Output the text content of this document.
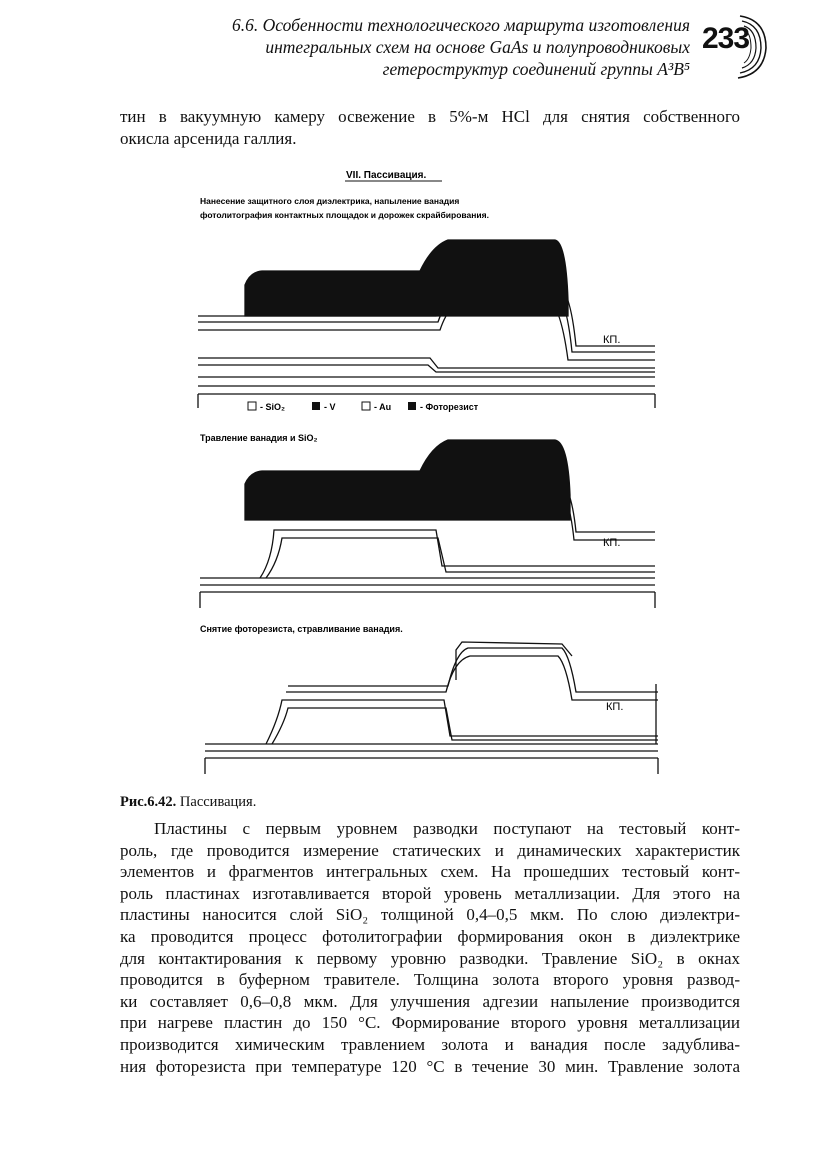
6.6. Особенности технологического маршрута изготовления
интегральных схем на основе GaAs и полупроводниковых
гетероструктур соединений группы A³B⁵
233
тин в вакуумную камеру освежение в 5%-м HCl для снятия собственного
окисла арсенида галлия.
VII. Пассивация.
Нанесение защитного слоя диэлектрика, напыление ванадия
фотолитография контактных площадок и дорожек скрайбирования.
КП.
- SiO₂	- V	- Au	- Фоторезист
Травление ванадия и SiO₂
КП.
Снятие фоторезиста, стравливание ванадия.
КП.
Рис.6.42. Пассивация.
Пластины с первым уровнем разводки поступают на тестовый конт-
роль, где проводится измерение статических и динамических характеристик
элементов и фрагментов интегральных схем. На прошедших тестовый конт-
роль пластинах изготавливается второй уровень металлизации. Для этого на
пластины наносится слой SiO₂ толщиной 0,4–0,5 мкм. По слою диэлектри-
ка проводится процесс фотолитографии формирования окон в диэлектрике
для контактирования к первому уровню разводки. Травление SiO₂ в окнах
проводится в буферном травителе. Толщина золота второго уровня развод-
ки составляет 0,6–0,8 мкм. Для улучшения адгезии напыление производится
при нагреве пластин до 150 °С. Формирование второго уровня металлизации
производится химическим травлением золота и ванадия после задублива-
ния фоторезиста при температуре 120 °С в течение 30 мин. Травление золота
